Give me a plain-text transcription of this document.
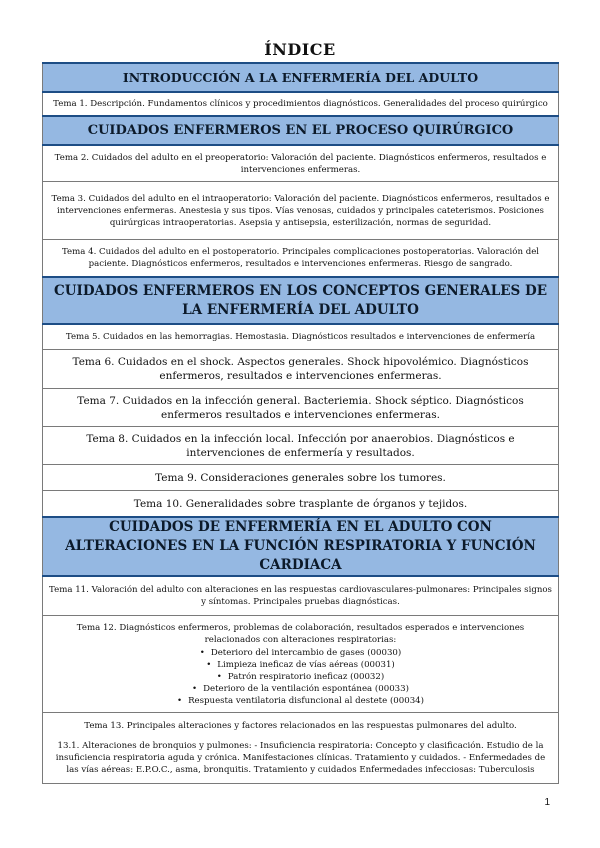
ÍNDICE
INTRODUCCIÓN A LA ENFERMERÍA DEL ADULTO
Tema 1. Descripción. Fundamentos clínicos y procedimientos diagnósticos. Generalidades del proceso quirúrgico
CUIDADOS ENFERMEROS EN EL PROCESO QUIRÚRGICO
Tema 2. Cuidados del adulto en el preoperatorio: Valoración del paciente. Diagnósticos enfermeros, resultados e intervenciones enfermeras.
Tema 3. Cuidados del adulto en el intraoperatorio: Valoración del paciente. Diagnósticos enfermeros, resultados e intervenciones enfermeras. Anestesia y sus tipos. Vías venosas, cuidados y principales cateterismos. Posiciones quirúrgicas intraoperatorias. Asepsia y antisepsia, esterilización, normas de seguridad.
Tema 4. Cuidados del adulto en el postoperatorio. Principales complicaciones postoperatorias. Valoración del paciente. Diagnósticos enfermeros, resultados e intervenciones enfermeras. Riesgo de sangrado.
CUIDADOS ENFERMEROS EN LOS CONCEPTOS GENERALES DE LA ENFERMERÍA DEL ADULTO
Tema 5. Cuidados en las hemorragias. Hemostasia. Diagnósticos resultados e intervenciones de enfermería
Tema 6. Cuidados en el shock. Aspectos generales. Shock hipovolémico. Diagnósticos enfermeros, resultados e intervenciones enfermeras.
Tema 7. Cuidados en la infección general. Bacteriemia. Shock séptico. Diagnósticos enfermeros resultados e intervenciones enfermeras.
Tema 8. Cuidados en la infección local. Infección por anaerobios. Diagnósticos e intervenciones de enfermería y resultados.
Tema 9. Consideraciones generales sobre los tumores.
Tema 10. Generalidades sobre trasplante de órganos y tejidos.
CUIDADOS DE ENFERMERÍA EN EL ADULTO CON ALTERACIONES EN LA FUNCIÓN RESPIRATORIA Y FUNCIÓN CARDIACA
Tema 11. Valoración del adulto con alteraciones en las respuestas cardiovasculares-pulmonares: Principales signos y síntomas. Principales pruebas diagnósticas.

Tema 12. Diagnósticos enfermeros, problemas de colaboración, resultados esperados e intervenciones relacionados con alteraciones respiratorias:
• Deterioro del intercambio de gases (00030)
• Limpieza ineficaz de vías aéreas (00031)
• Patrón respiratorio ineficaz (00032)
• Deterioro de la ventilación espontánea (00033)
• Respuesta ventilatoria disfuncional al destete (00034)

Tema 13. Principales alteraciones y factores relacionados en las respuestas pulmonares del adulto.
13.1. Alteraciones de bronquios y pulmones: - Insuficiencia respiratoria: Concepto y clasificación. Estudio de la insuficiencia respiratoria aguda y crónica. Manifestaciones clínicas. Tratamiento y cuidados. - Enfermedades de las vías aéreas: E.P.O.C., asma, bronquitis. Tratamiento y cuidados Enfermedades infecciosas: Tuberculosis
1
